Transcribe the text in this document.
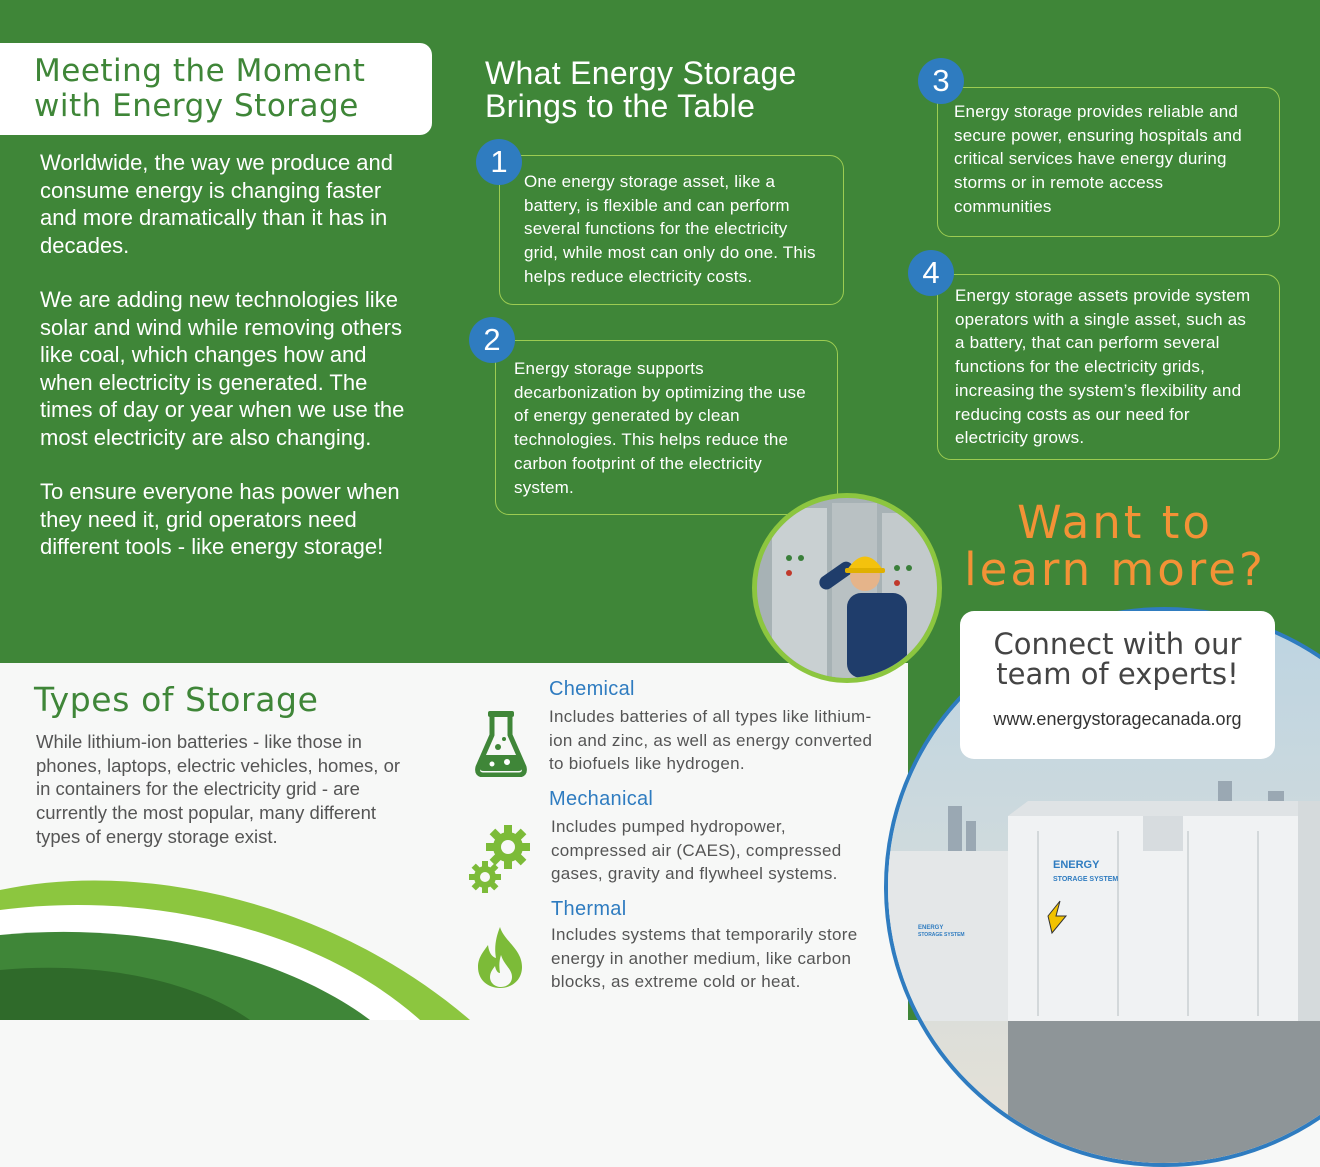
Meeting the Moment
with Energy Storage

Worldwide, the way we produce and consume energy is changing faster and more dramatically than it has in decades.

We are adding new technologies like solar and wind while removing others like coal, which changes how and when electricity is generated. The times of day or year when we use the most electricity are also changing.

To ensure everyone has power when they need it, grid operators need different tools - like energy storage!

What Energy Storage
Brings to the Table
One energy storage asset, like a battery, is flexible and can perform several functions for the electricity grid, while most can only do one. This helps reduce electricity costs.
1
Energy storage supports decarbonization by optimizing the use of energy generated by clean technologies. This helps reduce the carbon footprint of the electricity system.
2
Energy storage provides reliable and secure power, ensuring hospitals and critical services have energy during storms or in remote access communities
3
Energy storage assets provide system operators with a single asset, such as a battery, that can perform several functions for the electricity grids, increasing the system’s flexibility and reducing costs as our need for electricity grows.
4
Want to
learn more?
ENERGY
STORAGE SYSTEM
ENERGY
STORAGE SYSTEM
Connect with our
team of experts!
www.energystoragecanada.org
Types of Storage
While lithium-ion batteries - like those in phones, laptops, electric vehicles, homes, or in containers for the electricity grid - are currently the most popular, many different types of energy storage exist.
Chemical
Includes batteries of all types like lithium-ion and zinc, as well as energy converted to biofuels like hydrogen.
Mechanical
Includes pumped hydropower, compressed air (CAES), compressed gases, gravity and flywheel systems.
Thermal
Includes systems that temporarily store energy in another medium, like carbon blocks, as extreme cold or heat.
